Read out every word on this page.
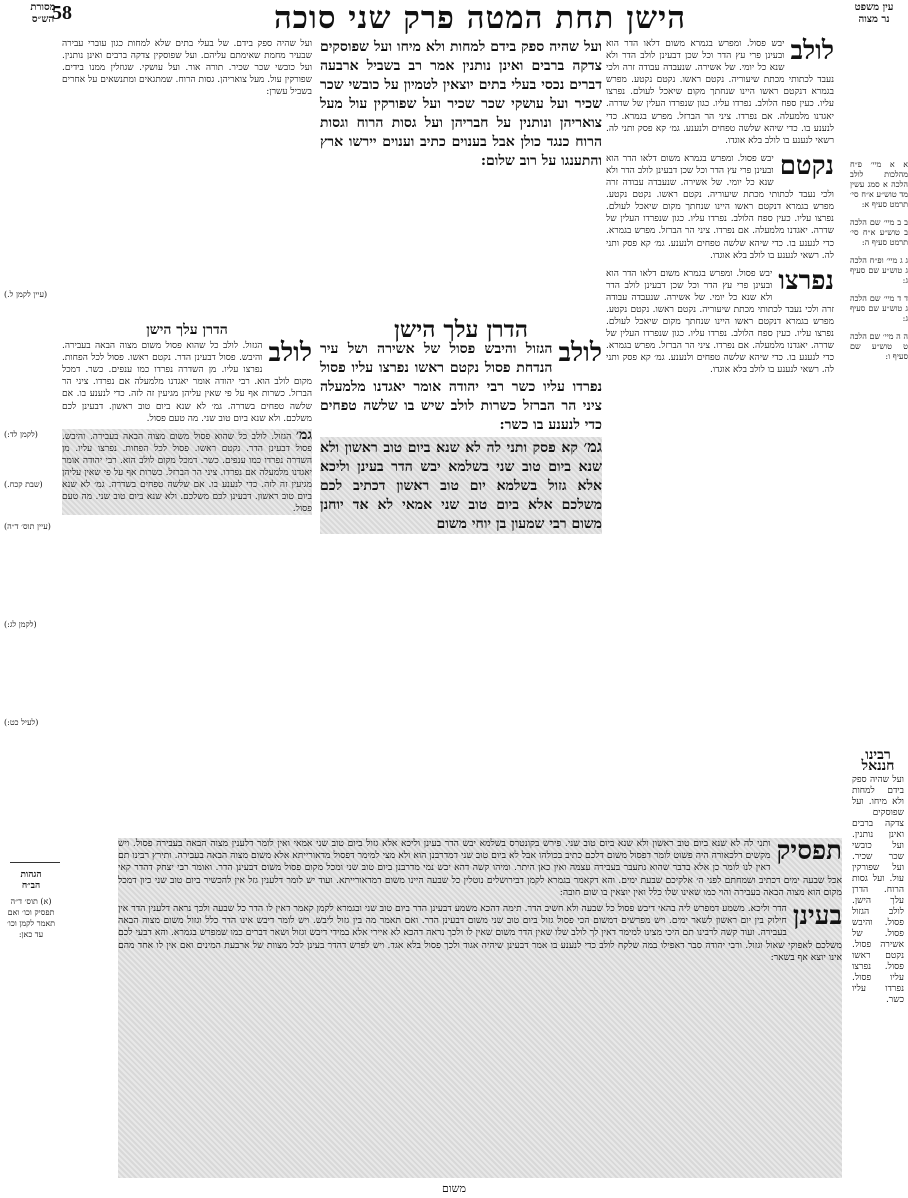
מסורת
הש״ס
58	הישן תחת המטה פרק שני סוכה	עין משפט
נר מצוה

א א מיי׳ פ״ח מהלכות לולב הלכה א סמג עשין מד טוש״ע א״ח סי׳ תרמט סעיף א:

ב ב מיי׳ שם הלכה ב טוש״ע א״ח סי׳ תרמט סעיף ה:

ג ג מיי׳ ופ״ח הלכה ג טוש״ע שם סעיף ג:

ד ד מיי׳ שם הלכה ג טוש״ע שם סעיף ג:

ה ה מיי׳ שם הלכה ט טוש״ע שם סעיף ו:

לולב
יבש פסול. ומפרש בגמרא משום דלאו הדר הוא ובעינן פרי עץ הדר וכל שכן דבעינן לולב הדר ולא שנא כל יומי. של אשירה. שנעבדה עבודה זרה ולכי נעבד לכתותי מכתת שיעוריה. נקטם ראשו. נקטם נקטע. מפרש בגמרא דנקטם ראשו היינו שנחתך מקום שיאכל לעולם. נפרצו עליו. כעין ספח הלולב. נפרדו עליו. כגון שנפרדו העלין של שדרה. יאגדנו מלמעלה. אם נפרדו. ציני הר הברזל. מפרש בגמרא. כדי לנענע בו. כדי שיהא שלשה טפחים ולנענע. גמ׳ קא פסק ותני לה. רשאי לנענע בו לולב בלא אוגדו.
נקטם
יבש פסול. ומפרש בגמרא משום דלאו הדר הוא ובעינן פרי עץ הדר וכל שכן דבעינן לולב הדר ולא שנא כל יומי. של אשירה. שנעבדה עבודה זרה ולכי נעבד לכתותי מכתת שיעוריה. נקטם ראשו. נקטם נקטע. מפרש בגמרא דנקטם ראשו היינו שנחתך מקום שיאכל לעולם. נפרצו עליו. כעין ספח הלולב. נפרדו עליו. כגון שנפרדו העלין של שדרה. יאגדנו מלמעלה. אם נפרדו. ציני הר הברזל. מפרש בגמרא. כדי לנענע בו. כדי שיהא שלשה טפחים ולנענע. גמ׳ קא פסק ותני לה. רשאי לנענע בו לולב בלא אוגדו.
נפרצו
יבש פסול. ומפרש בגמרא משום דלאו הדר הוא ובעינן פרי עץ הדר וכל שכן דבעינן לולב הדר ולא שנא כל יומי. של אשירה. שנעבדה עבודה זרה ולכי נעבד לכתותי מכתת שיעוריה. נקטם ראשו. נקטם נקטע. מפרש בגמרא דנקטם ראשו היינו שנחתך מקום שיאכל לעולם. נפרצו עליו. כעין ספח הלולב. נפרדו עליו. כגון שנפרדו העלין של שדרה. יאגדנו מלמעלה. אם נפרדו. ציני הר הברזל. מפרש בגמרא. כדי לנענע בו. כדי שיהא שלשה טפחים ולנענע. גמ׳ קא פסק ותני לה. רשאי לנענע בו לולב בלא אוגדו.
ועל שהיה ספק בידם למחות ולא מיחו ועל שפוסקים צדקה ברבים ואינן נותנין אמר רב בשביל ארבעה דברים נכסי בעלי בתים יוצאין לטמיון על כובשי שכר שכיר ועל עושקי שכר שכיר ועל שפורקין עול מעל צואריהן ונותנין על חבריהן ועל גסות הרוח וגסות הרוח כנגד כולן אבל בענוים כתיב וענוים יירשו ארץ והתענגו על רוב שלום:
הדרן עלך הישן
לולב
הגזול והיבש פסול של אשירה ושל עיר הנדחת פסול נקטם ראשו נפרצו עליו פסול נפרדו עליו כשר רבי יהודה אומר יאגדנו מלמעלה ציני הר הברזל כשרות לולב שיש בו שלשה טפחים כדי לנענע בו כשר:
גמ׳ קא פסק ותני לה לא שנא ביום טוב ראשון ולא שנא ביום טוב שני בשלמא יבש הדר בעינן וליכא אלא גזול בשלמא יום טוב ראשון דכתיב לכם משלכם אלא ביום טוב שני אמאי לא אד יוחנן משום רבי שמעון בן יוחי משום
ועל שהיה ספק בידם. של בעלי בתים שלא למחות כגון עוברי עבירה שבעיר מחמת שאימתם עליהם. ועל שפוסקין צדקה ברבים ואינן נותנין. ועל כובשי שכר שכיר. תורה אור. ועל עושקי. שגוזלין ממנו בידים. שפורקין עול. מעל צואריהן. גסות הרוח. שמתגאים ומתנשאים על אחרים בשביל עשרן:
הדרן עלך הישן
לולב
הגזול. לולב כל שהוא פסול משום מצוה הבאה בעבירה. והיבש. פסול דבעינן הדר. נקטם ראשו. פסול לכל הפחות. נפרצו עליו. מן השדרה נפרדו כמו ענפים. כשר. דמכל מקום לולב הוא. רבי יהודה אומר יאגדנו מלמעלה אם נפרדו. ציני הר הברזל. כשרות אף על פי שאין עליהן מגיעין זה לזה. כדי לנענע בו. אם שלשה טפחים בשדרה. גמ׳ לא שנא ביום טוב ראשון. דבעינן לכם משלכם. ולא שנא ביום טוב שני. מה טעם פסול.
גמ׳ הגזול. לולב כל שהוא פסול משום מצוה הבאה בעבירה. והיבש. פסול דבעינן הדר. נקטם ראשו. פסול לכל הפחות. נפרצו עליו. מן השדרה נפרדו כמו ענפים. כשר. דמכל מקום לולב הוא. רבי יהודה אומר יאגדנו מלמעלה אם נפרדו. ציני הר הברזל. כשרות אף על פי שאין עליהן מגיעין זה לזה. כדי לנענע בו. אם שלשה טפחים בשדרה. גמ׳ לא שנא ביום טוב ראשון. דבעינן לכם משלכם. ולא שנא ביום טוב שני. מה טעם פסול.
(עיין לקמן ל.)
(לקמן לד:)
(שבת קכח.)
(עיין תוס׳ ד״ה)
(לקמן לג:)
(לעיל כט:)
הגהות
הב״ח
(א) תוס׳ ד״ה תפסיק וכו׳ ואם תאמר לקמן וכו׳ עד כאן:
תפסיק
ותני לה לא שנא ביום טוב ראשון ולא שנא ביום טוב שני. פירש בקונטרס בשלמא יבש הדר בעינן וליכא אלא גזול ביום טוב שני אמאי ואין לומר דלענין מצוה הבאה בעבירה פסול. ויש מקשים דלכאורה היה פשוט לומר דפסול משום דלכם כתיב בכולהו אבל לא ביום טוב שני דמדרבנן הוא ולא מצי למימר דפסול מדאורייתא אלא משום מצוה הבאה בעבירה. ותירץ רבינו תם דאין לנו לומר כן אלא בדבר שהוא נתעבר בעבירה עצמה ואין כאן היתר. ומיהו קשה דהא יבש נמי מדרבנן ביום טוב שני ומכל מקום פסול משום דבעינן הדר. ואומר רבי יצחק דהדר קאי אכל שבעה ימים דכתיב ושמחתם לפני ה׳ אלקיכם שבעת ימים. והא דקאמר בגמרא לקמן דבירושלים נוטלין כל שבעה היינו משום דמדאורייתא. ועוד יש לומר דלענין גזל אין להכשיר ביום טוב שני כיון דמכל מקום הוא מצוה הבאה בעבירה והוי כמו שאינו שלו כלל ואין יוצאין בו שום חובה:
בעינן
הדר וליכא. משמע דמפרש ליה בהאי דיבש פסול כל שבעה ולא חשיב הדר. תימה דהכא משמע דבעינן הדר ביום טוב שני ובגמרא לקמן קאמר דאין לו הדר כל שבעה ולכך נראה דלענין הדר אין חילוק בין יום ראשון לשאר ימים. ויש מפרשים דמשום הכי פסול גזול ביום טוב שני משום דבעינן הדר. ואם תאמר מה בין גזול ליבש. ויש לומר דיבש אינו הדר כלל וגזול משום מצוה הבאה בעבירה. ועוד קשה לרבינו תם היכי מצינו למימר דאין לך לולב שלו שאין הדר משום שאין לו ולכך נראה דהכא לא איירי אלא במידי דיבש וגזול ושאר דברים כמו שמפרש בגמרא. והא דבעי לכם משלכם לאפוקי שאול וגזול. ורבי יהודה סבר דאפילו במה שלקח לולב כדי לנענע בו אמר דבעינן שיהיה אגוד ולכך פסול בלא אגד. ויש לפרש דהדר בעינן לכל מצוות של ארבעת המינים ואם אין לו אחד מהם אינו יוצא אף בשאר:
רבינו חננאל
ועל שהיה ספק בידם למחות ולא מיחו. ועל שפוסקים צדקה ברבים ואינן נותנין. ועל כובשי שכר שכיר. ועל שפורקין עול. ועל גסות הרוח. הדרן עלך הישן. לולב הגזול פסול. והיבש פסול. של אשירה פסול. נקטם ראשו פסול. נפרצו עליו פסול. נפרדו עליו כשר.
משום
